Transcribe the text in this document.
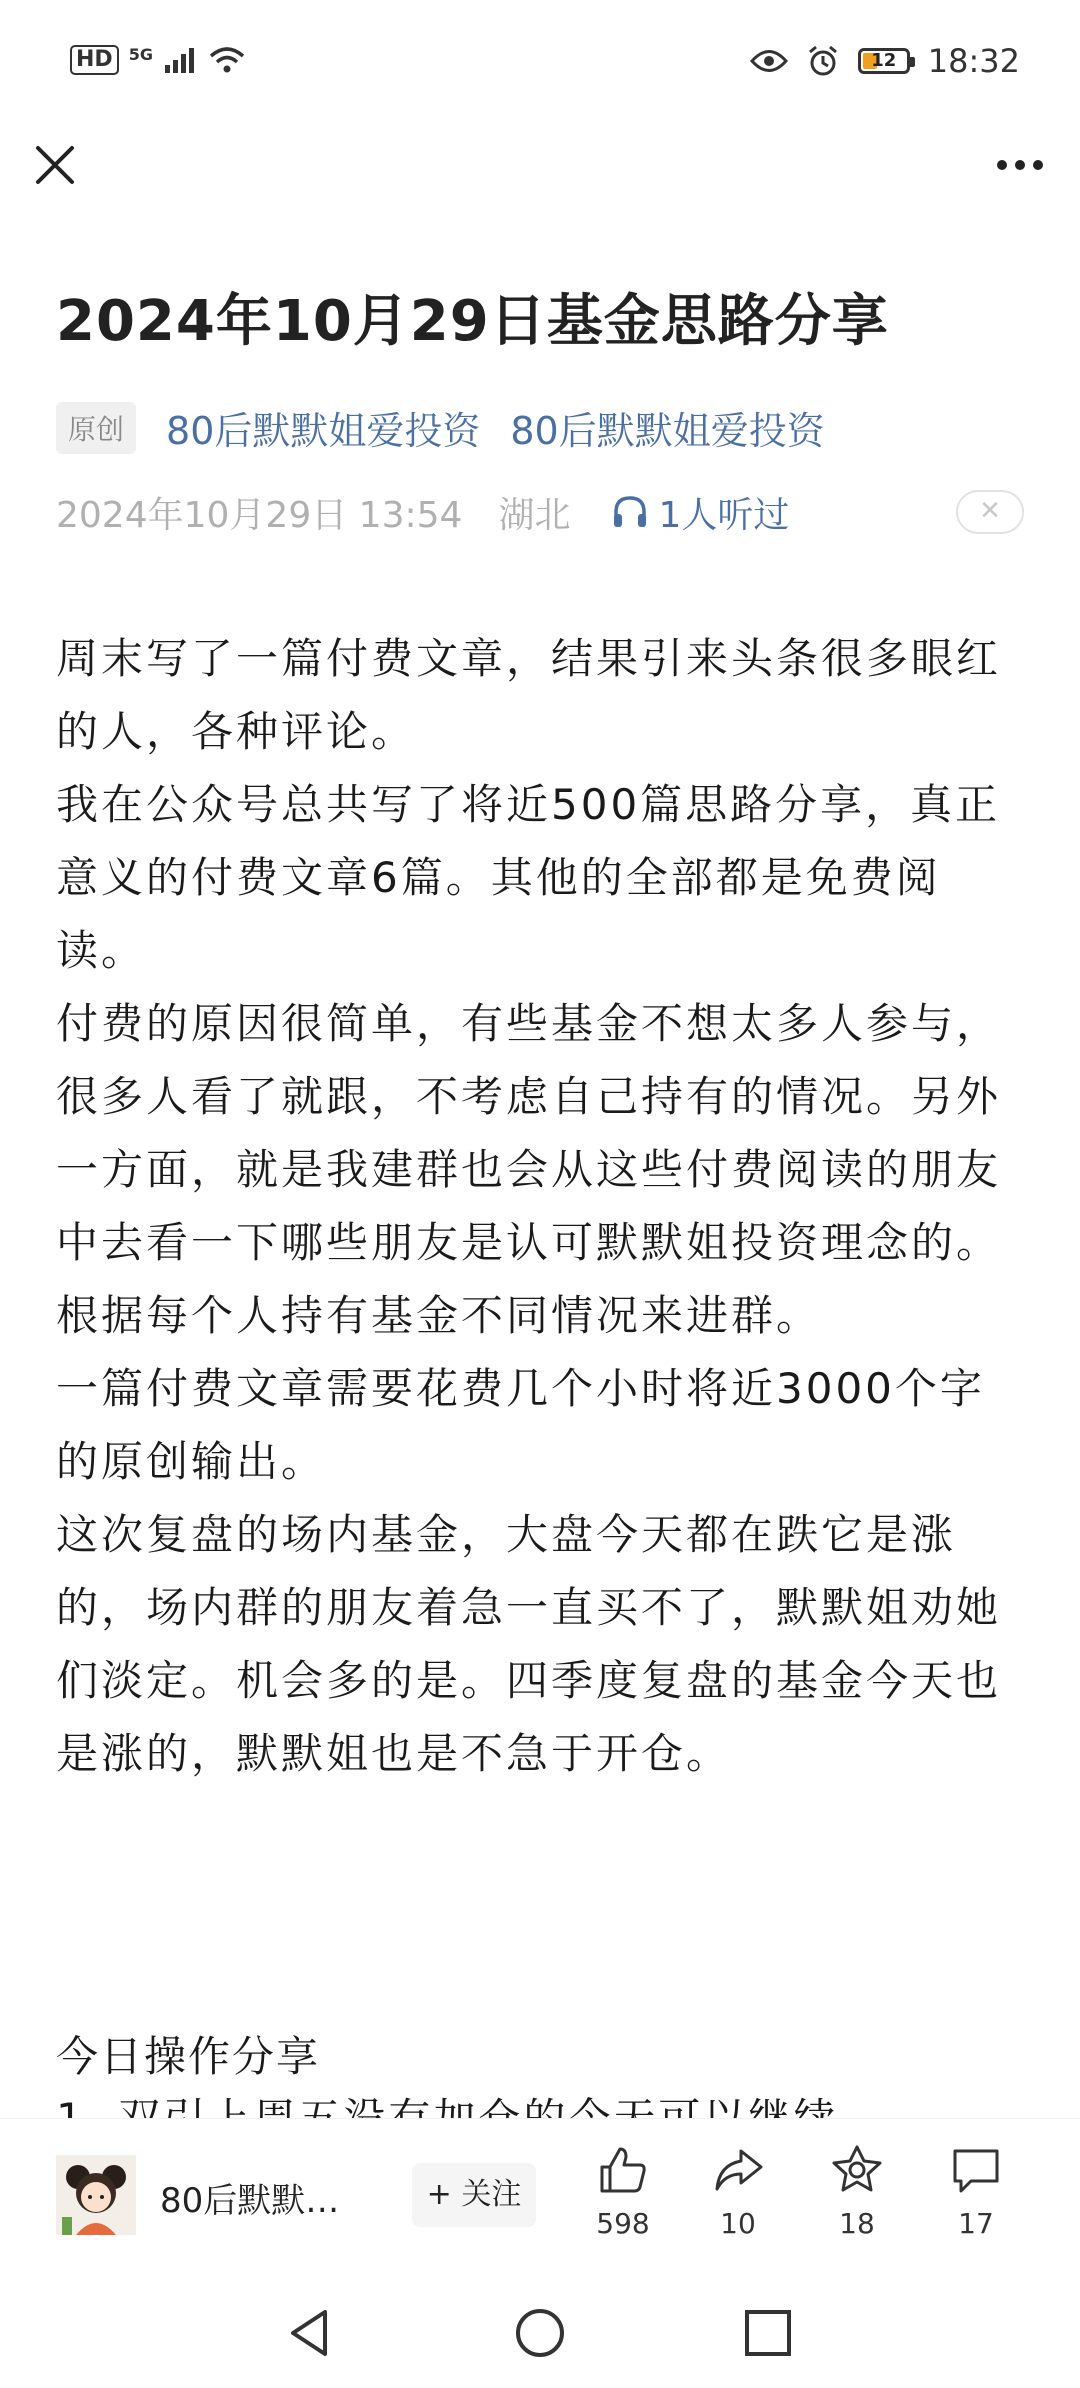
HD	5G	12 18:32
2024年10月29日基金思路分享
原创	80后默默姐爱投资 80后默默姐爱投资
2024年10月29日 13:54 湖北 1人听过	✕

周末写了一篇付费文章，结果引来头条很多眼红的人，各种评论。

我在公众号总共写了将近500篇思路分享，真正意义的付费文章6篇。其他的全部都是免费阅读。

付费的原因很简单，有些基金不想太多人参与，很多人看了就跟，不考虑自己持有的情况。另外一方面，就是我建群也会从这些付费阅读的朋友中去看一下哪些朋友是认可默默姐投资理念的。根据每个人持有基金不同情况来进群。

一篇付费文章需要花费几个小时将近3000个字的原创输出。

这次复盘的场内基金，大盘今天都在跌它是涨的，场内群的朋友着急一直买不了，默默姐劝她们淡定。机会多的是。四季度复盘的基金今天也是涨的，默默姐也是不急于开仓。

今日操作分享
80后默默…	+ 关注
598	10	18	17
